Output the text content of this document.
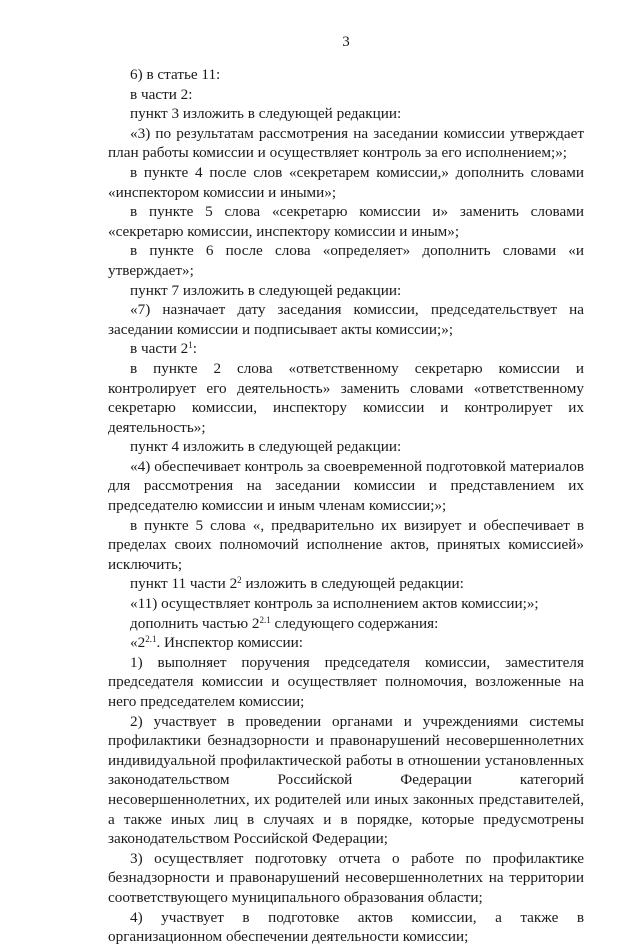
3

6) в статье 11:

в части 2:

пункт 3 изложить в следующей редакции:

«3) по результатам рассмотрения на заседании комиссии утверждает план работы комиссии и осуществляет контроль за его исполнением;»;

в пункте 4 после слов «секретарем комиссии,» дополнить словами «инспектором комиссии и иными»;

в пункте 5 слова «секретарю комиссии и» заменить словами «секретарю комиссии, инспектору комиссии и иным»;

в пункте 6 после слова «определяет» дополнить словами «и утверждает»;

пункт 7 изложить в следующей редакции:

«7) назначает дату заседания комиссии, председательствует на заседании комиссии и подписывает акты комиссии;»;

в части $2^1$:

в пункте 2 слова «ответственному секретарю комиссии и контролирует его деятельность» заменить словами «ответственному секретарю комиссии, инспектору комиссии и контролирует их деятельность»;

пункт 4 изложить в следующей редакции:

«4) обеспечивает контроль за своевременной подготовкой материалов для рассмотрения на заседании комиссии и представлением их председателю комиссии и иным членам комиссии;»;

в пункте 5 слова «, предварительно их визирует и обеспечивает в пределах своих полномочий исполнение актов, принятых комиссией» исключить;

пункт 11 части $2^2$ изложить в следующей редакции:

«11) осуществляет контроль за исполнением актов комиссии;»;

дополнить частью $2^{2.1}$ следующего содержания:

«$2^{2.1}$. Инспектор комиссии:

1) выполняет поручения председателя комиссии, заместителя председателя комиссии и осуществляет полномочия, возложенные на него председателем комиссии;

2) участвует в проведении органами и учреждениями системы профилактики безнадзорности и правонарушений несовершеннолетних индивидуальной профилактической работы в отношении установленных законодательством Российской Федерации категорий несовершеннолетних, их родителей или иных законных представителей, а также иных лиц в случаях и в порядке, которые предусмотрены законодательством Российской Федерации;

3) осуществляет подготовку отчета о работе по профилактике безнадзорности и правонарушений несовершеннолетних на территории соответствующего муниципального образования области;

4) участвует в подготовке актов комиссии, а также в организационном обеспечении деятельности комиссии;
